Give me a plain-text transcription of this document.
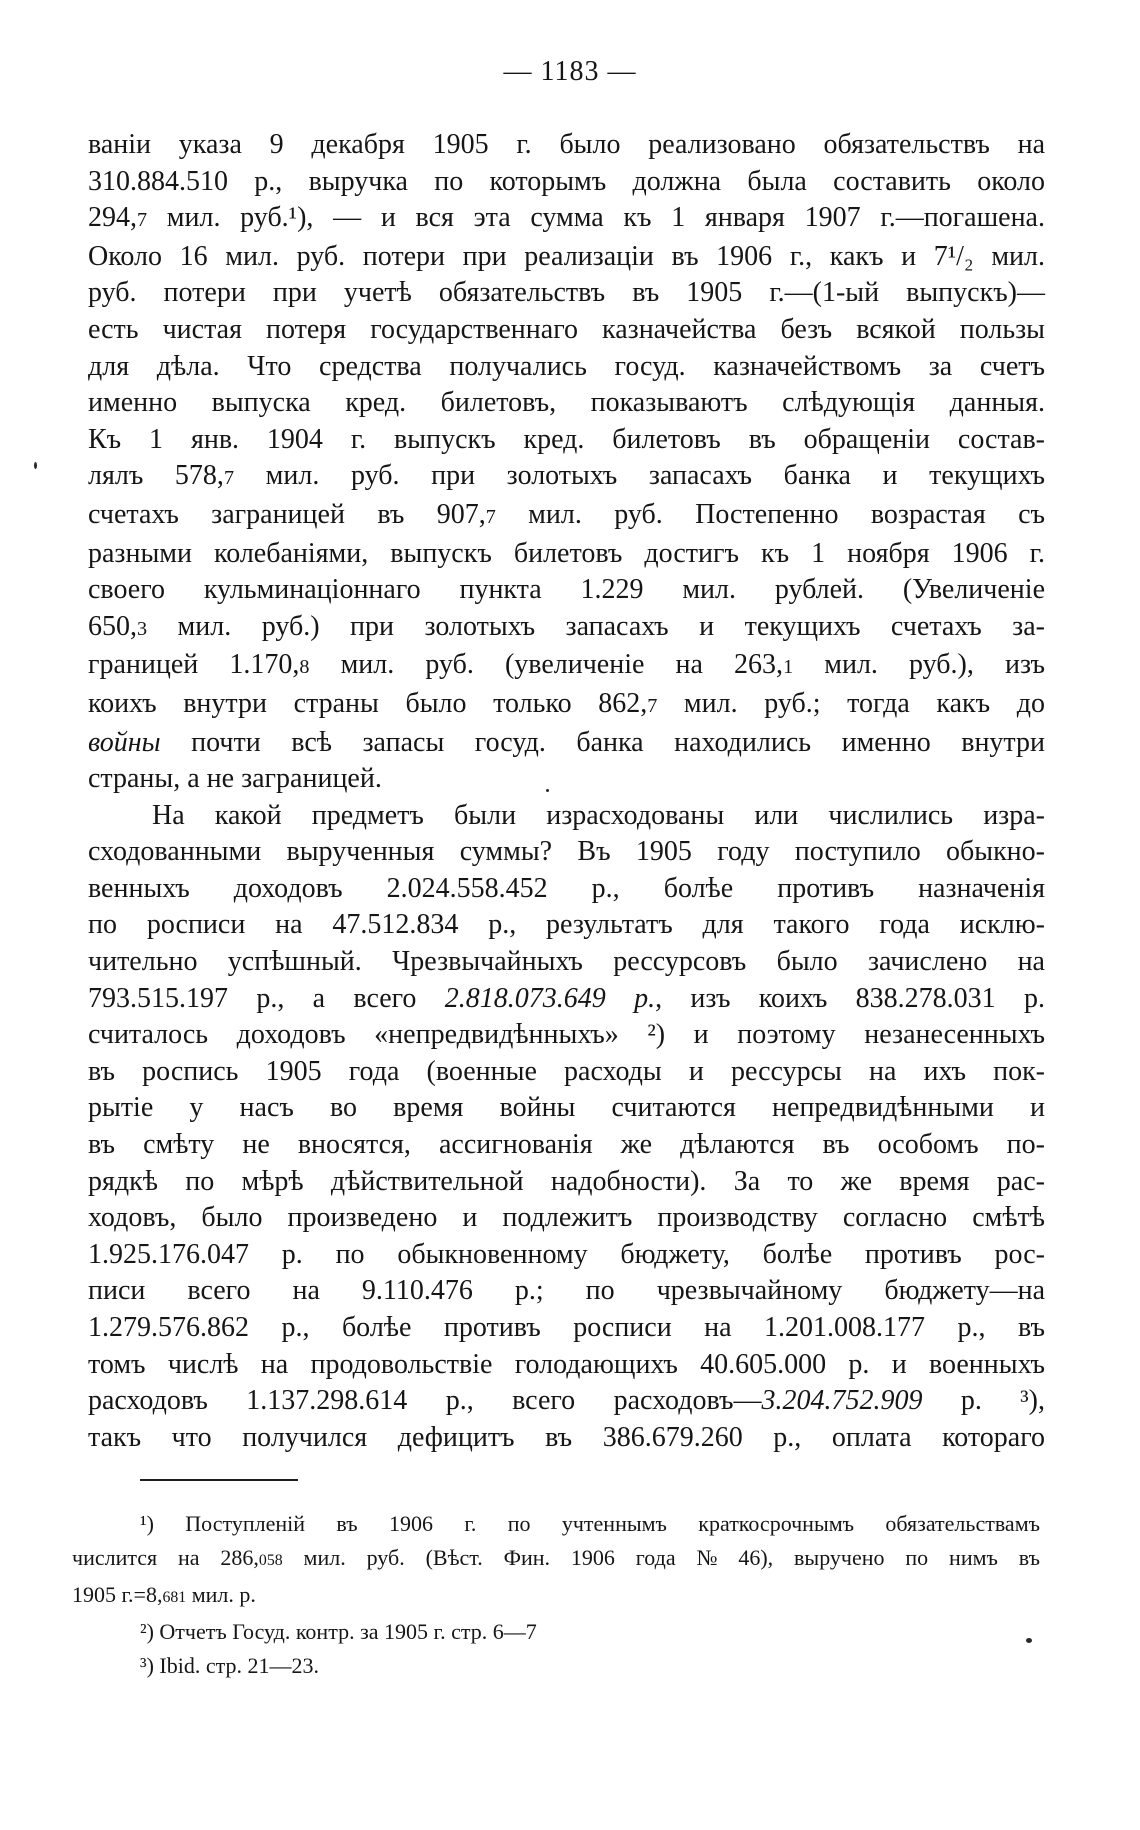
— 1183 —
ваніи указа 9 декабря 1905 г. было реализовано обязательствъ на
310.884.510 р., выручка по которымъ должна была составить около
294,7 мил. руб.¹), — и вся эта сумма къ 1 января 1907 г.—погашена.
Около 16 мил. руб. потери при реализаціи въ 1906 г., какъ и 7¹/₂ мил.
руб. потери при учетѣ обязательствъ въ 1905 г.—(1-ый выпускъ)—
есть чистая потеря государственнаго казначейства безъ всякой пользы
для дѣла. Что средства получались госуд. казначействомъ за счетъ
именно выпуска кред. билетовъ, показываютъ слѣдующія данныя.
Къ 1 янв. 1904 г. выпускъ кред. билетовъ въ обращеніи состав-
лялъ 578,7 мил. руб. при золотыхъ запасахъ банка и текущихъ
счетахъ заграницей въ 907,7 мил. руб. Постепенно возрастая съ
разными колебаніями, выпускъ билетовъ достигъ къ 1 ноября 1906 г.
своего кульминаціоннаго пункта 1.229 мил. рублей. (Увеличеніе
650,3 мил. руб.) при золотыхъ запасахъ и текущихъ счетахъ за-
границей 1.170,8 мил. руб. (увеличеніе на 263,1 мил. руб.), изъ
коихъ внутри страны было только 862,7 мил. руб.; тогда какъ до
войны почти всѣ запасы госуд. банка находились именно внутри
страны, а не заграницей.
На какой предметъ были израсходованы или числились изра-
сходованными вырученныя суммы? Въ 1905 году поступило обыкно-
венныхъ доходовъ 2.024.558.452 р., болѣе противъ назначенія
по росписи на 47.512.834 р., результатъ для такого года исклю-
чительно успѣшный. Чрезвычайныхъ рессурсовъ было зачислено на
793.515.197 р., а всего 2.818.073.649 р., изъ коихъ 838.278.031 р.
считалось доходовъ «непредвидѣнныхъ» ²) и поэтому незанесенныхъ
въ роспись 1905 года (военные расходы и рессурсы на ихъ пок-
рытіе у насъ во время войны считаются непредвидѣнными и
въ смѣту не вносятся, ассигнованія же дѣлаются въ особомъ по-
рядкѣ по мѣрѣ дѣйствительной надобности). За то же время рас-
ходовъ, было произведено и подлежитъ производству согласно смѣтѣ
1.925.176.047 р. по обыкновенному бюджету, болѣе противъ рос-
писи всего на 9.110.476 р.; по чрезвычайному бюджету—на
1.279.576.862 р., болѣе противъ росписи на 1.201.008.177 р., въ
томъ числѣ на продовольствіе голодающихъ 40.605.000 р. и военныхъ
расходовъ 1.137.298.614 р., всего расходовъ—3.204.752.909 р. ³),
такъ что получился дефицитъ въ 386.679.260 р., оплата котораго
¹) Поступленій въ 1906 г. по учтеннымъ краткосрочнымъ обязательствамъ
числится на 286,058 мил. руб. (Вѣст. Фин. 1906 года № 46), выручено по нимъ въ
1905 г.=8,681 мил. р.
²) Отчетъ Госуд. контр. за 1905 г. стр. 6—7
³) Ibid. стр. 21—23.
